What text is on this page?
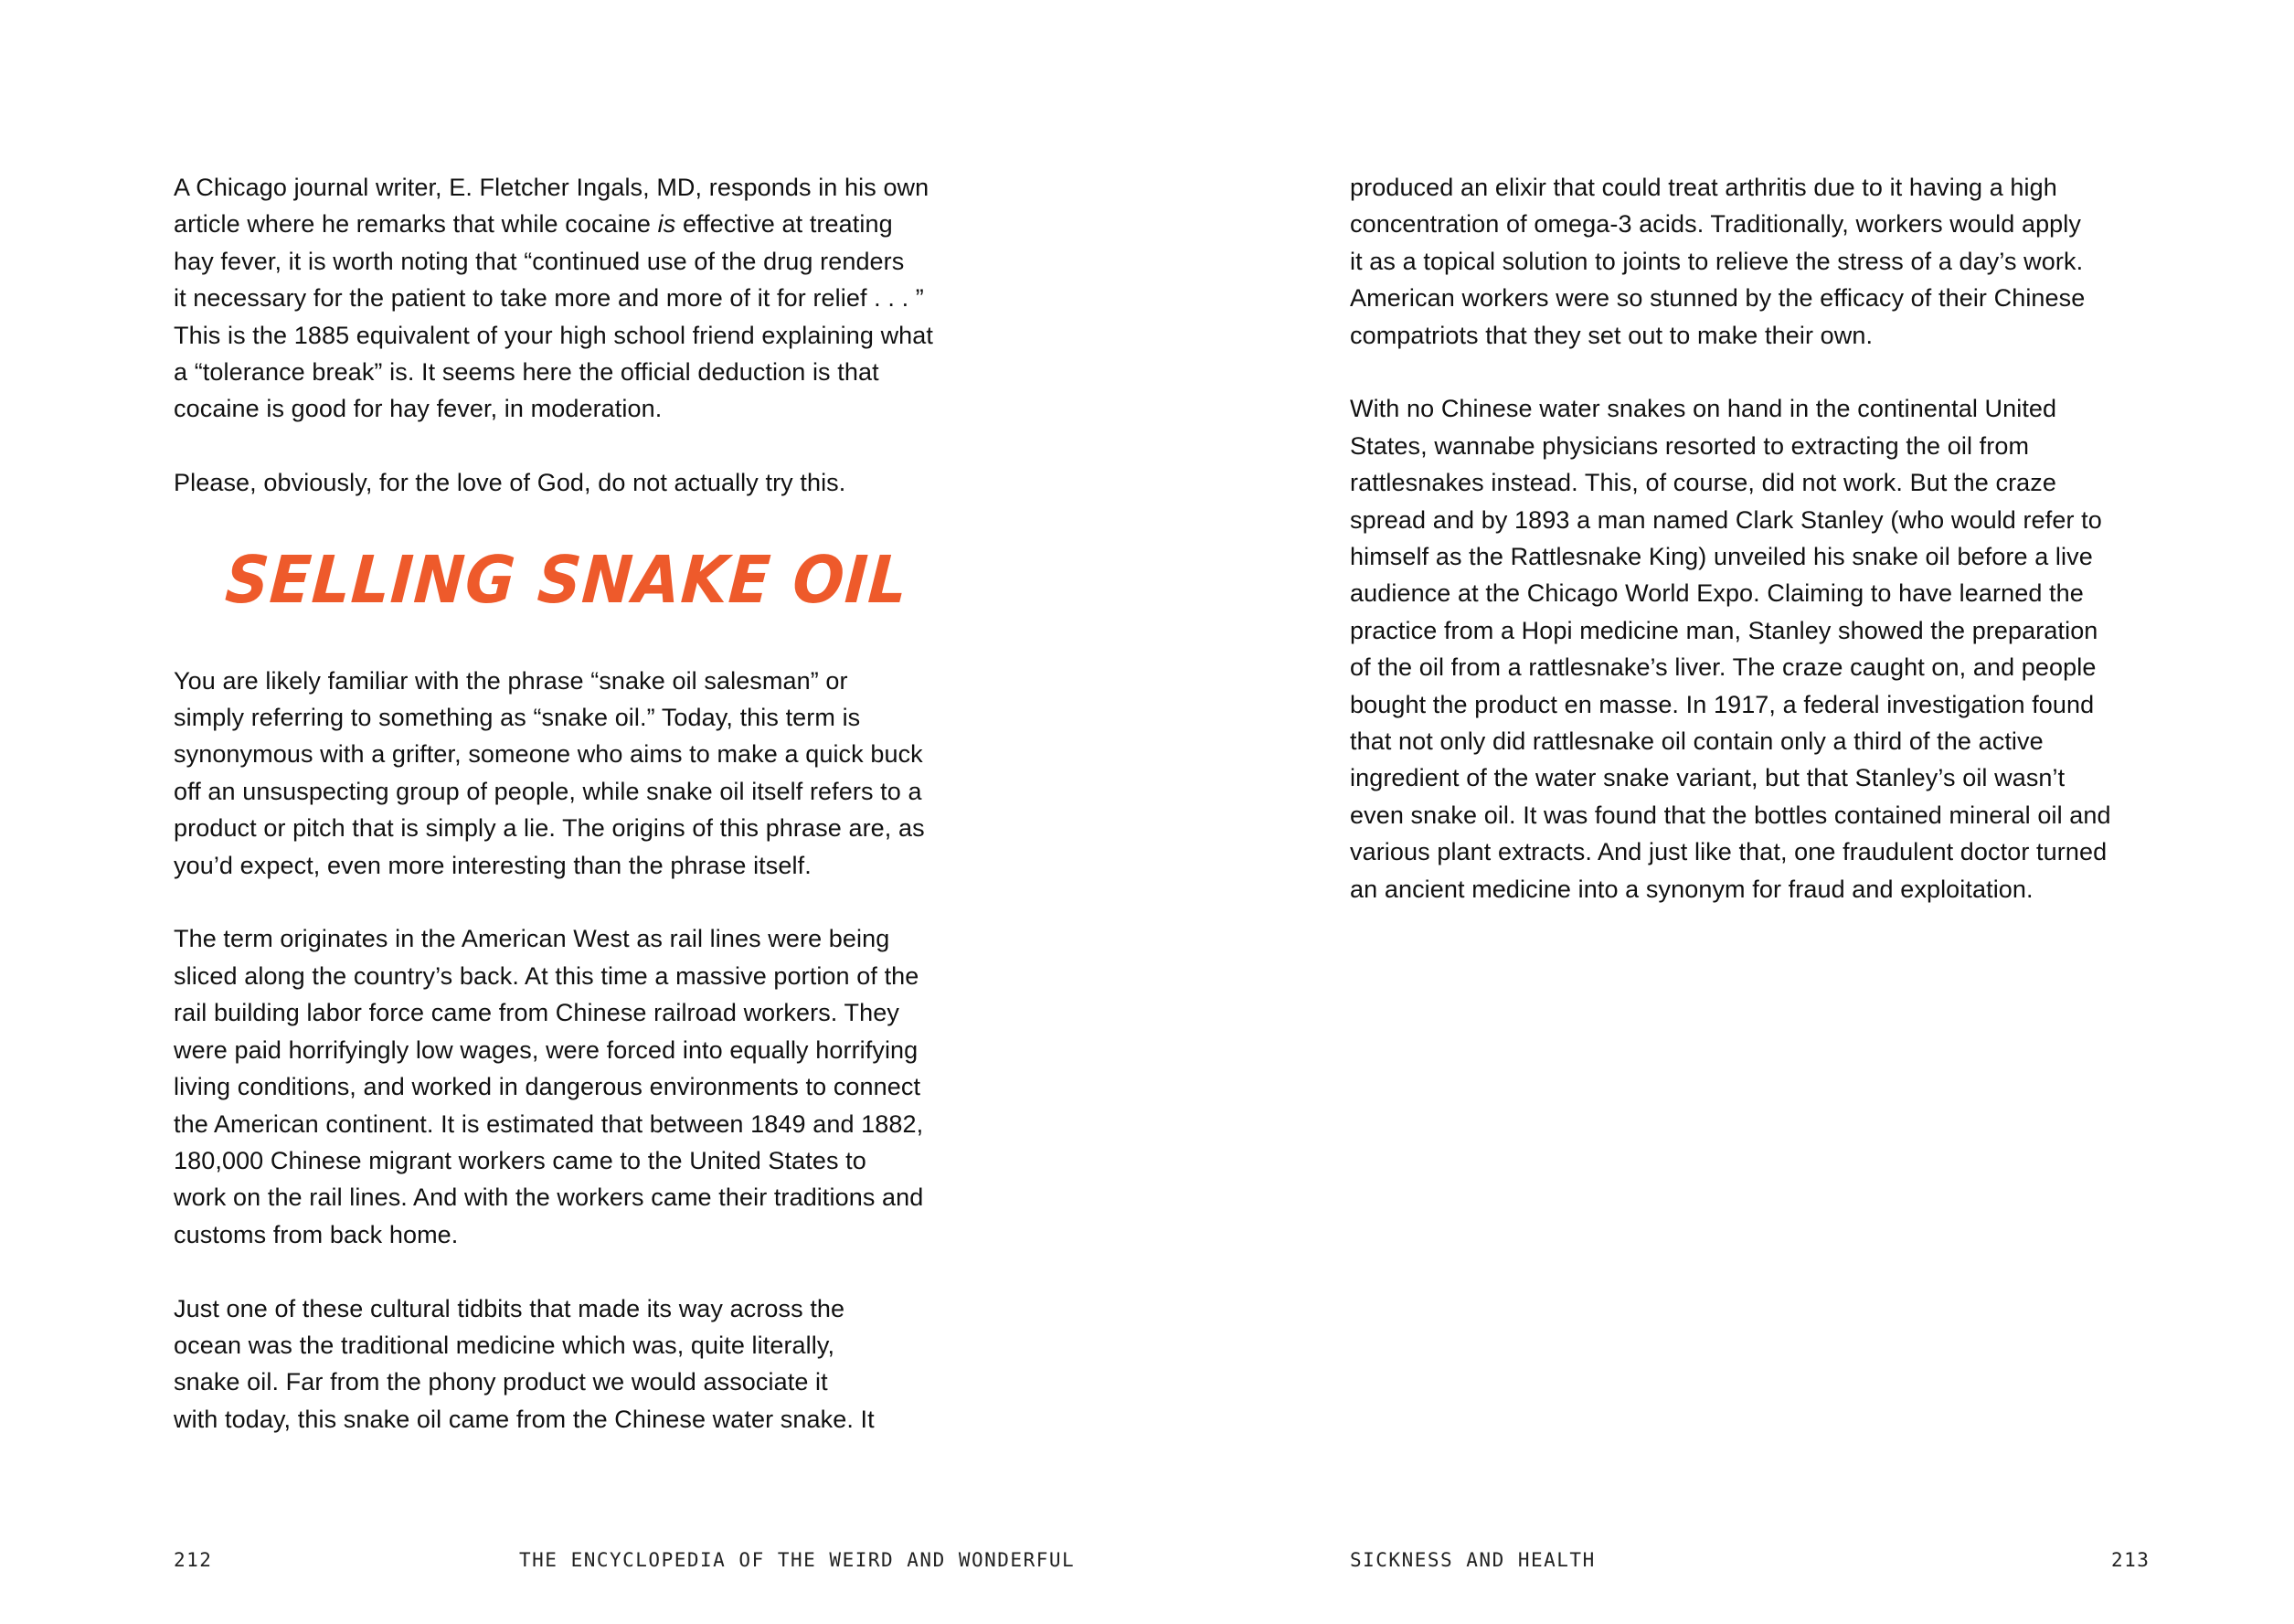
A Chicago journal writer, E. Fletcher Ingals, MD, responds in his own
article where he remarks that while cocaine is effective at treating
hay fever, it is worth noting that “continued use of the drug renders
it necessary for the patient to take more and more of it for relief . . . ”
This is the 1885 equivalent of your high school friend explaining what
a “tolerance break” is. It seems here the official deduction is that
cocaine is good for hay fever, in moderation.
Please, obviously, for the love of God, do not actually try this.
SELLING SNAKE OIL
You are likely familiar with the phrase “snake oil salesman” or
simply referring to something as “snake oil.” Today, this term is
synonymous with a grifter, someone who aims to make a quick buck
off an unsuspecting group of people, while snake oil itself refers to a
product or pitch that is simply a lie. The origins of this phrase are, as
you’d expect, even more interesting than the phrase itself.
The term originates in the American West as rail lines were being
sliced along the country’s back. At this time a massive portion of the
rail building labor force came from Chinese railroad workers. They
were paid horrifyingly low wages, were forced into equally horrifying
living conditions, and worked in dangerous environments to connect
the American continent. It is estimated that between 1849 and 1882,
180,000 Chinese migrant workers came to the United States to
work on the rail lines. And with the workers came their traditions and
customs from back home.
Just one of these cultural tidbits that made its way across the
ocean was the traditional medicine which was, quite literally,
snake oil. Far from the phony product we would associate it
with today, this snake oil came from the Chinese water snake. It
212	THE ENCYCLOPEDIA OF THE WEIRD AND WONDERFUL
produced an elixir that could treat arthritis due to it having a high
concentration of omega-3 acids. Traditionally, workers would apply
it as a topical solution to joints to relieve the stress of a day’s work.
American workers were so stunned by the efficacy of their Chinese
compatriots that they set out to make their own.
With no Chinese water snakes on hand in the continental United
States, wannabe physicians resorted to extracting the oil from
rattlesnakes instead. This, of course, did not work. But the craze
spread and by 1893 a man named Clark Stanley (who would refer to
himself as the Rattlesnake King) unveiled his snake oil before a live
audience at the Chicago World Expo. Claiming to have learned the
practice from a Hopi medicine man, Stanley showed the preparation
of the oil from a rattlesnake’s liver. The craze caught on, and people
bought the product en masse. In 1917, a federal investigation found
that not only did rattlesnake oil contain only a third of the active
ingredient of the water snake variant, but that Stanley’s oil wasn’t
even snake oil. It was found that the bottles contained mineral oil and
various plant extracts. And just like that, one fraudulent doctor turned
an ancient medicine into a synonym for fraud and exploitation.
SICKNESS AND HEALTH	213
